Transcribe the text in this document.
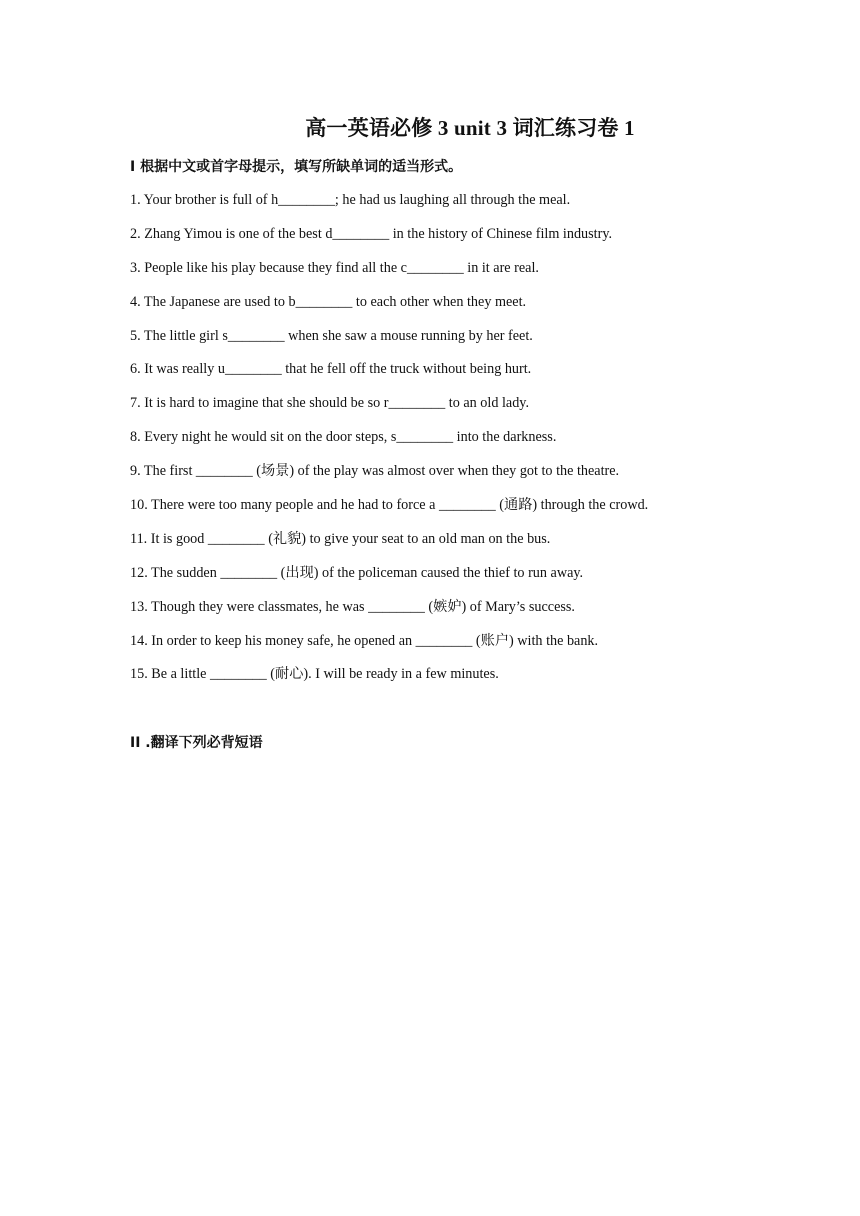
高一英语必修 3 unit 3 词汇练习卷 1
I 根据中文或首字母提示，填写所缺单词的适当形式。
1. Your brother is full of h________; he had us laughing all through the meal.
2. Zhang Yimou is one of the best d________ in the history of Chinese film industry.
3. People like his play because they find all the c________ in it are real.
4. The Japanese are used to b________ to each other when they meet.
5. The little girl s________ when she saw a mouse running by her feet.
6. It was really u________ that he fell off the truck without being hurt.
7. It is hard to imagine that she should be so r________ to an old lady.
8. Every night he would sit on the door steps, s________ into the darkness.
9. The first ________ (场景) of the play was almost over when they got to the theatre.
10. There were too many people and he had to force a ________ (通路) through the crowd.
11. It is good ________ (礼貌) to give your seat to an old man on the bus.
12. The sudden ________ (出现) of the policeman caused the thief to run away.
13. Though they were classmates, he was ________ (嫉妒) of Mary’s success.
14. In order to keep his money safe, he opened an ________ (账户) with the bank.
15. Be a little ________ (耐心). I will be ready in a few minutes.
II .翻译下列必背短语
